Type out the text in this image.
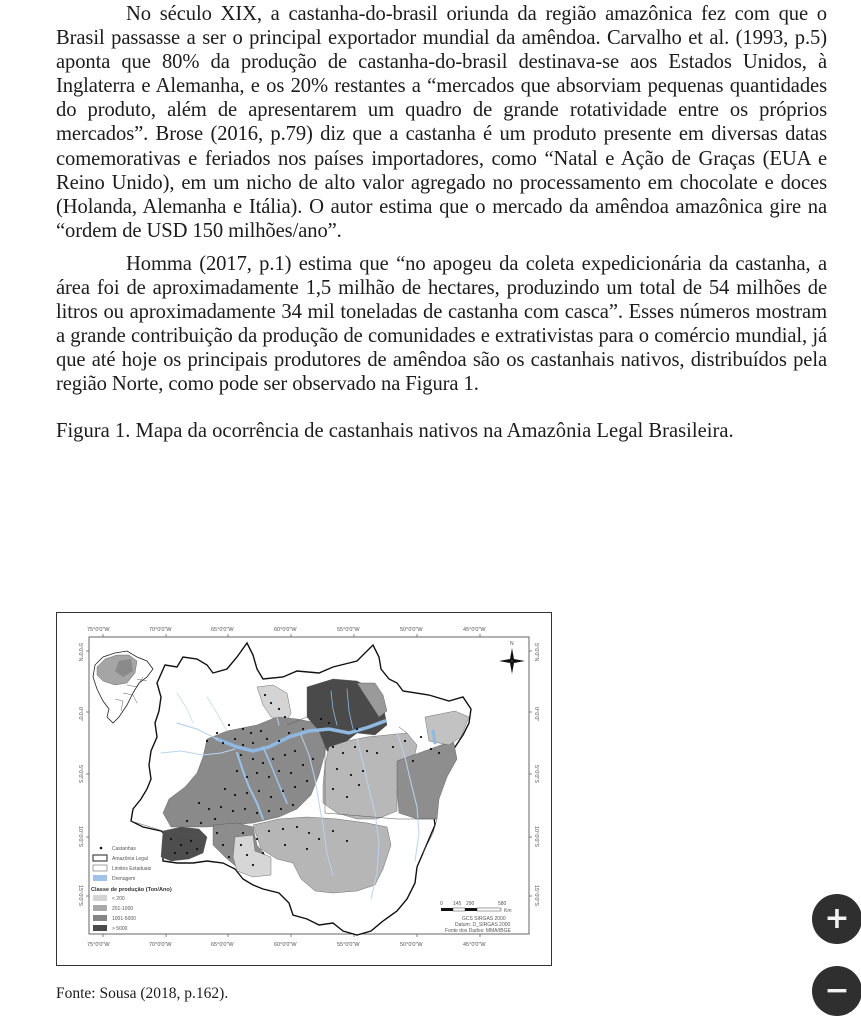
No século XIX, a castanha-do-brasil oriunda da região amazônica fez com que o Brasil passasse a ser o principal exportador mundial da amêndoa. Carvalho et al. (1993, p.5) aponta que 80% da produção de castanha-do-brasil destinava-se aos Estados Unidos, à Inglaterra e Alemanha, e os 20% restantes a “mercados que absorviam pequenas quantidades do produto, além de apresentarem um quadro de grande rotatividade entre os próprios mercados”. Brose (2016, p.79) diz que a castanha é um produto presente em diversas datas comemorativas e feriados nos países importadores, como “Natal e Ação de Graças (EUA e Reino Unido), em um nicho de alto valor agregado no processamento em chocolate e doces (Holanda, Alemanha e Itália). O autor estima que o mercado da amêndoa amazônica gire na “ordem de USD 150 milhões/ano”.

Homma (2017, p.1) estima que “no apogeu da coleta expedicionária da castanha, a área foi de aproximadamente 1,5 milhão de hectares, produzindo um total de 54 milhões de litros ou aproximadamente 34 mil toneladas de castanha com casca”. Esses números mostram a grande contribuição da produção de comunidades e extrativistas para o comércio mundial, já que até hoje os principais produtores de amêndoa são os castanhais nativos, distribuídos pela região Norte, como pode ser observado na Figura 1.

Figura 1. Mapa da ocorrência de castanhais nativos na Amazônia Legal Brasileira.

75°0'0"W	70°0'0"W	65°0'0"W	60°0'0"W	55°0'0"W	50°0'0"W	45°0'0"W
75°0'0"W	70°0'0"W	65°0'0"W	60°0'0"W	55°0'0"W	50°0'0"W	45°0'0"W
5°0'0"N
0°0'0"
5°0'0"S
10°0'0"S
15°0'0"S
5°0'0"N
0°0'0"
5°0'0"S
10°0'0"S
15°0'0"S
N
Castanhas
Amazônia Legal
Limites Estaduais
Drenagem
Classe de produção (Ton/Ano)
< 200
201-1000
1001-5000
> 5000
0 145 290	580
Km
GCS SIRGAS 2000
Datum: D_SIRGAS 2000
Fonte dos Dados: MMA/IBGE
Fonte: Sousa (2018, p.162).
+
−
